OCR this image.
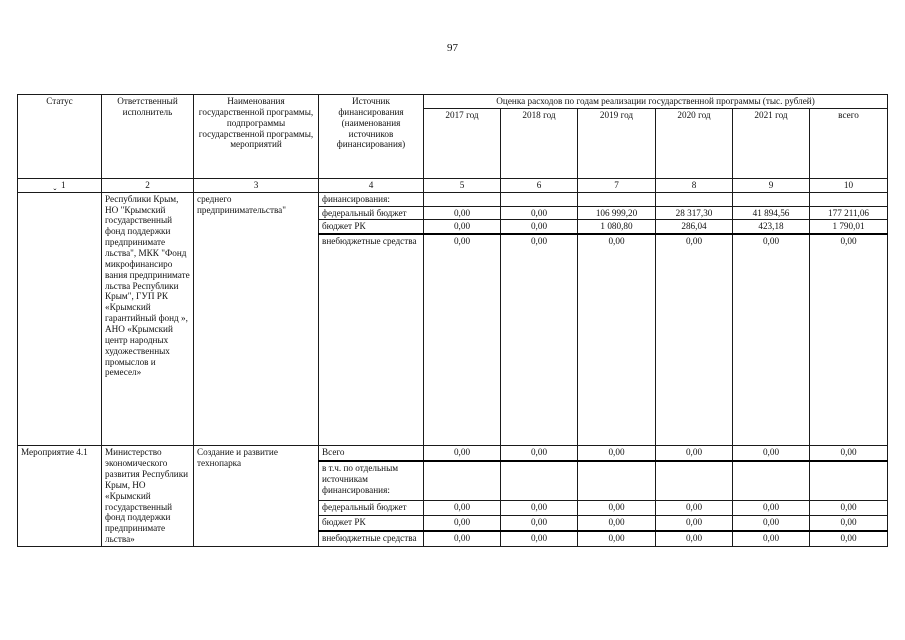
97
Статус	Ответственный исполнитель	Наименования государственной программы, подпрограммы государственной программы, мероприятий	Источник финансирования (наименования источников финансирования)	Оценка расходов по годам реализации государственной программы (тыс. рублей)					
				2017 год	2018 год	2019 год	2020 год	2021 год	всего
ˬ 1	2	3	4	5	6	7	8	9	10
	Республики Крым, НО "Крымский государственный фонд поддержки предпринимате льства", МКК "Фонд микрофинансиро вания предпринимате льства Республики Крым", ГУП РК «Крымский гарантийный фонд », АНО «Крымский центр народных художественных промыслов и ремесел»	среднего предпринимательства"	финансирования:						
			федеральный бюджет	0,00	0,00	106 999,20	28 317,30	41 894,56	177 211,06
			бюджет РК	0,00	0,00	1 080,80	286,04	423,18	1 790,01
			внебюджетные средства	0,00	0,00	0,00	0,00	0,00	0,00
Мероприятие 4.1	Министерство экономического развития Республики Крым, НО «Крымский государственный фонд поддержки предпринимате льства»	Создание и развитие технопарка	Всего	0,00	0,00	0,00	0,00	0,00	0,00
			в т.ч. по отдельным источникам финансирования:						
			федеральный бюджет	0,00	0,00	0,00	0,00	0,00	0,00
			бюджет РК	0,00	0,00	0,00	0,00	0,00	0,00
			внебюджетные средства	0,00	0,00	0,00	0,00	0,00	0,00
